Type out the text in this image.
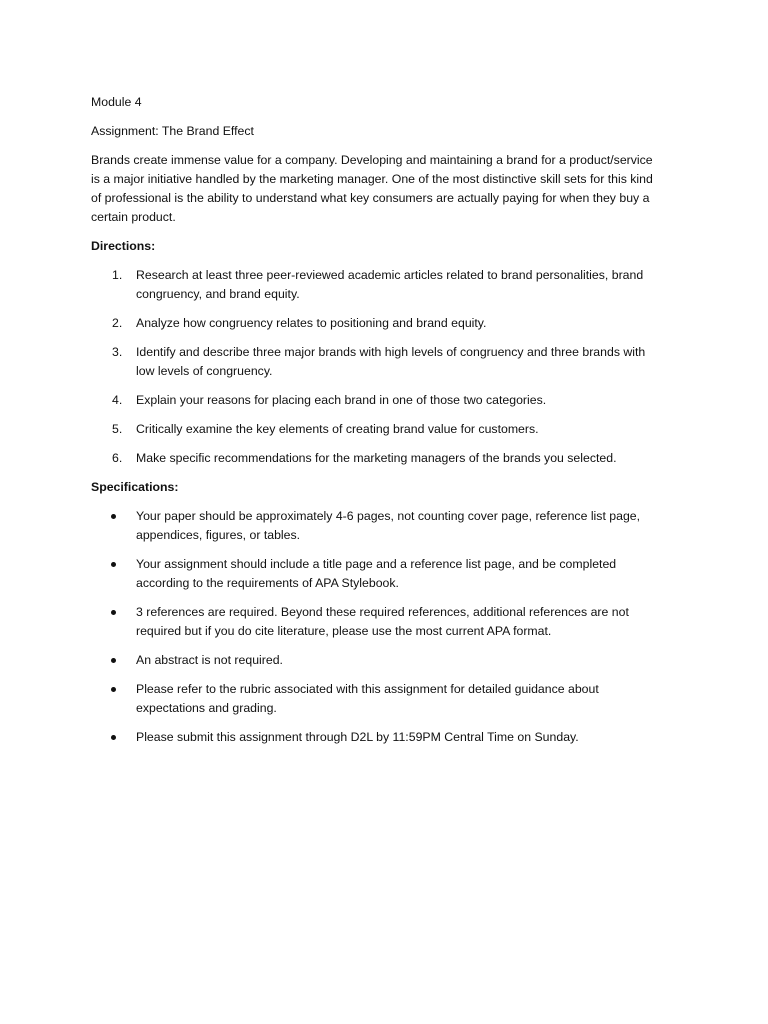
Module 4

Assignment: The Brand Effect

Brands create immense value for a company. Developing and maintaining a brand for a product/service
is a major initiative handled by the marketing manager. One of the most distinctive skill sets for this kind
of professional is the ability to understand what key consumers are actually paying for when they buy a
certain product.

Directions:

1. Research at least three peer-reviewed academic articles related to brand personalities, brand
congruency, and brand equity.
2. Analyze how congruency relates to positioning and brand equity.
3. Identify and describe three major brands with high levels of congruency and three brands with
low levels of congruency.
4. Explain your reasons for placing each brand in one of those two categories.
5. Critically examine the key elements of creating brand value for customers.
6. Make specific recommendations for the marketing managers of the brands you selected.

Specifications:

Your paper should be approximately 4-6 pages, not counting cover page, reference list page,
appendices, figures, or tables.
Your assignment should include a title page and a reference list page, and be completed
according to the requirements of APA Stylebook.
3 references are required. Beyond these required references, additional references are not
required but if you do cite literature, please use the most current APA format.
An abstract is not required.
Please refer to the rubric associated with this assignment for detailed guidance about
expectations and grading.
Please submit this assignment through D2L by 11:59PM Central Time on Sunday.
